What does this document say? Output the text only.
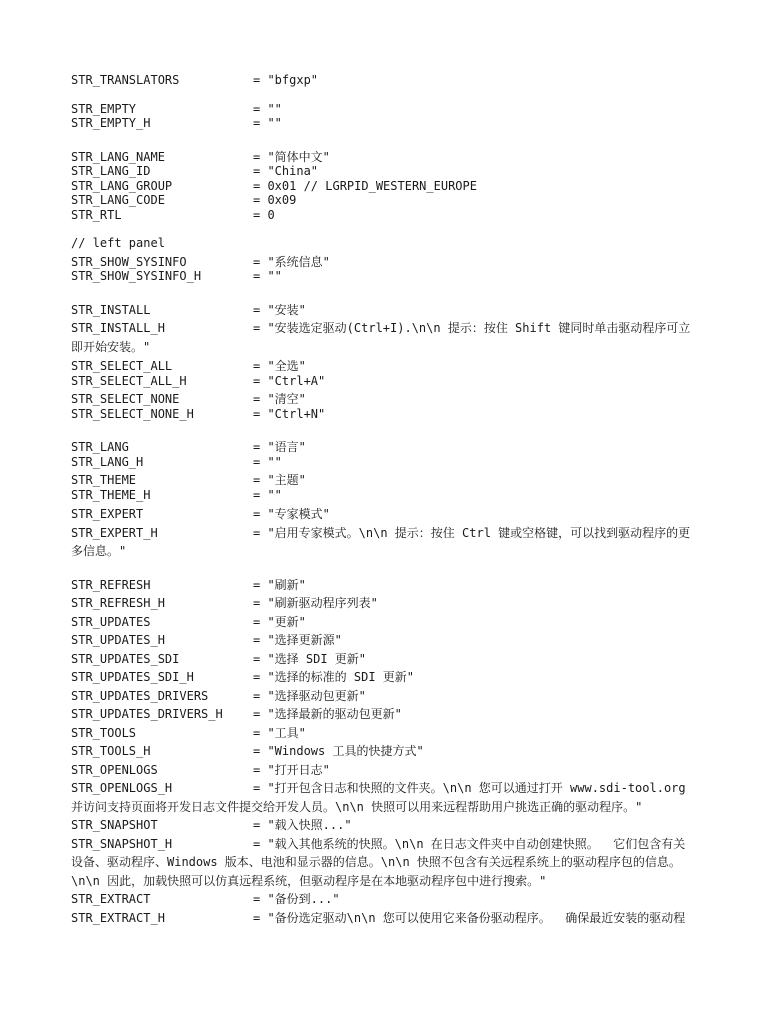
STR_TRANSLATORS	= "bfgxp"
STR_EMPTY	= ""
STR_EMPTY_H	= ""
STR_LANG_NAME	= "简体中文"
STR_LANG_ID	= "China"
STR_LANG_GROUP	= 0x01 // LGRPID_WESTERN_EUROPE
STR_LANG_CODE	= 0x09
STR_RTL	= 0
// left panel
STR_SHOW_SYSINFO	= "系统信息"
STR_SHOW_SYSINFO_H	= ""
STR_INSTALL	= "安装"
STR_INSTALL_H	= "安装选定驱动(Ctrl+I).\n\n 提示：按住 Shift 键同时单击驱动程序可立
即开始安装。"
STR_SELECT_ALL	= "全选"
STR_SELECT_ALL_H	= "Ctrl+A"
STR_SELECT_NONE	= "清空"
STR_SELECT_NONE_H	= "Ctrl+N"
STR_LANG	= "语言"
STR_LANG_H	= ""
STR_THEME	= "主题"
STR_THEME_H	= ""
STR_EXPERT	= "专家模式"
STR_EXPERT_H	= "启用专家模式。\n\n 提示：按住 Ctrl 键或空格键，可以找到驱动程序的更
多信息。"
STR_REFRESH	= "刷新"
STR_REFRESH_H	= "刷新驱动程序列表"
STR_UPDATES	= "更新"
STR_UPDATES_H	= "选择更新源"
STR_UPDATES_SDI	= "选择 SDI 更新"
STR_UPDATES_SDI_H	= "选择的标准的 SDI 更新"
STR_UPDATES_DRIVERS	= "选择驱动包更新"
STR_UPDATES_DRIVERS_H	= "选择最新的驱动包更新"
STR_TOOLS	= "工具"
STR_TOOLS_H	= "Windows 工具的快捷方式"
STR_OPENLOGS	= "打开日志"
STR_OPENLOGS_H	= "打开包含日志和快照的文件夹。\n\n 您可以通过打开 www.sdi-tool.org
并访问支持页面将开发日志文件提交给开发人员。\n\n 快照可以用来远程帮助用户挑选正确的驱动程序。"
STR_SNAPSHOT	= "载入快照..."
STR_SNAPSHOT_H	= "载入其他系统的快照。\n\n 在日志文件夹中自动创建快照。  它们包含有关
设备、驱动程序、Windows 版本、电池和显示器的信息。\n\n 快照不包含有关远程系统上的驱动程序包的信息。
\n\n 因此，加载快照可以仿真远程系统，但驱动程序是在本地驱动程序包中进行搜索。"
STR_EXTRACT	= "备份到..."
STR_EXTRACT_H	= "备份选定驱动\n\n 您可以使用它来备份驱动程序。  确保最近安装的驱动程
